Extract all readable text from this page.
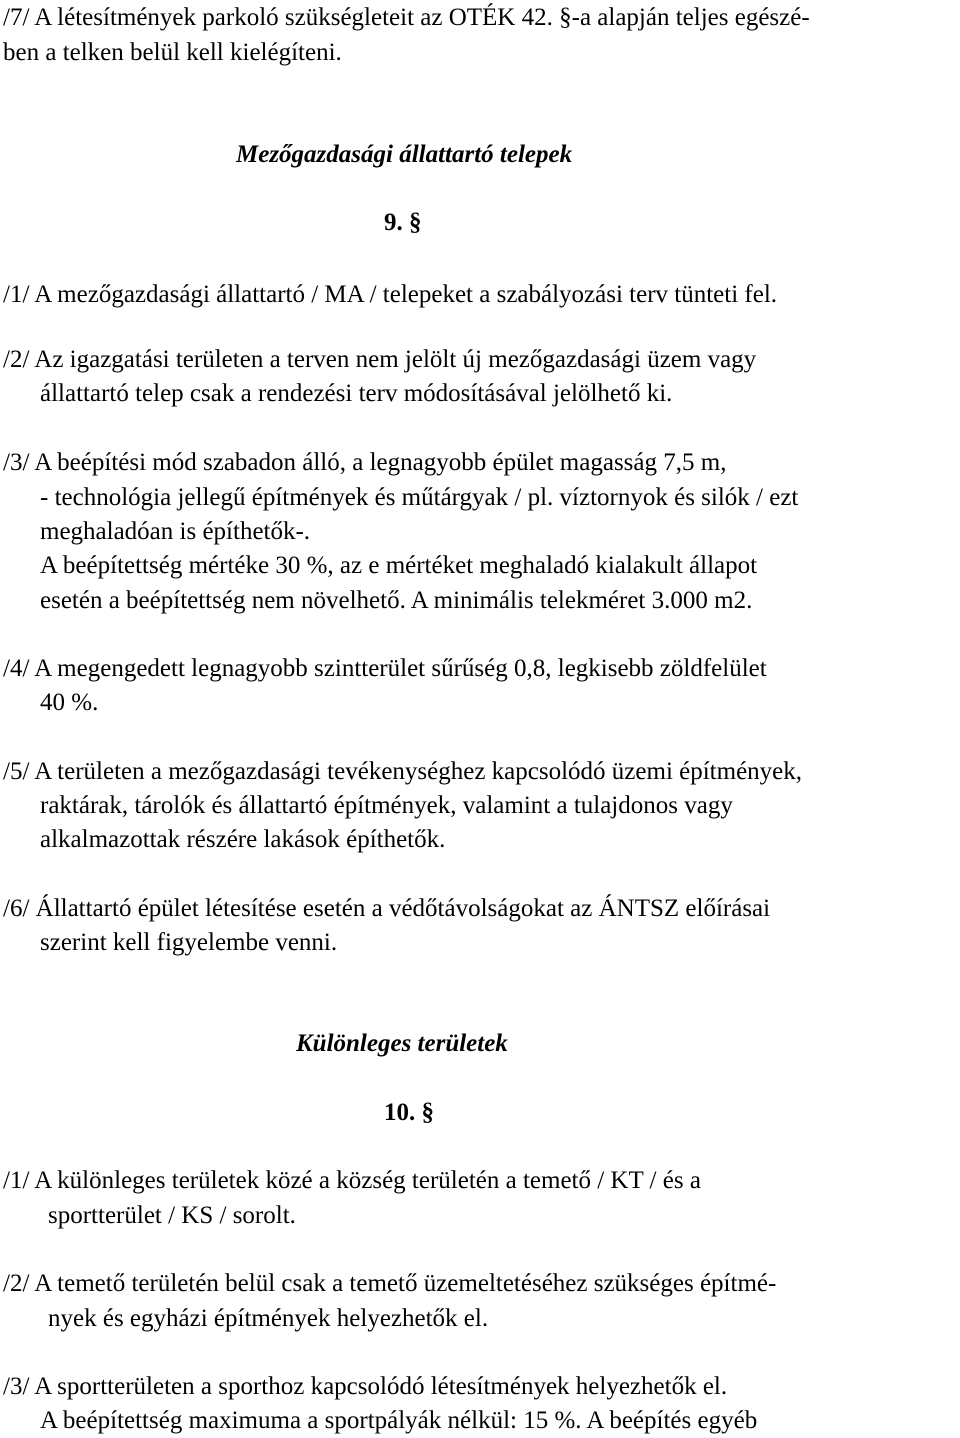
/7/ A létesítmények parkoló szükségleteit az OTÉK 42. §-a alapján teljes egészé-
ben a telken belül kell kielégíteni.
Mezőgazdasági állattartó telepek
9. §
/1/ A mezőgazdasági állattartó / MA / telepeket a szabályozási terv tünteti fel.
/2/ Az igazgatási területen a terven nem jelölt új mezőgazdasági üzem vagy
állattartó telep csak a rendezési terv módosításával jelölhető ki.
/3/ A beépítési mód szabadon álló, a legnagyobb épület magasság 7,5 m,
- technológia jellegű építmények és műtárgyak / pl. víztornyok és silók / ezt
meghaladóan is építhetők-.
A beépítettség mértéke 30 %, az e mértéket meghaladó kialakult állapot
esetén a beépítettség nem növelhető. A minimális telekméret 3.000 m2.
/4/ A megengedett legnagyobb szintterület sűrűség 0,8, legkisebb zöldfelület
40 %.
/5/ A területen a mezőgazdasági tevékenységhez kapcsolódó üzemi építmények,
raktárak, tárolók és állattartó építmények, valamint a tulajdonos vagy
alkalmazottak részére lakások építhetők.
/6/ Állattartó épület létesítése esetén a védőtávolságokat az ÁNTSZ előírásai
szerint kell figyelembe venni.
Különleges területek
10. §
/1/ A különleges területek közé a község területén a temető / KT / és a
sportterület / KS / sorolt.
/2/ A temető területén belül csak a temető üzemeltetéséhez szükséges építmé-
nyek és egyházi építmények helyezhetők el.
/3/ A sportterületen a sporthoz kapcsolódó létesítmények helyezhetők el.
A beépítettség maximuma a sportpályák nélkül: 15 %. A beépítés egyéb
